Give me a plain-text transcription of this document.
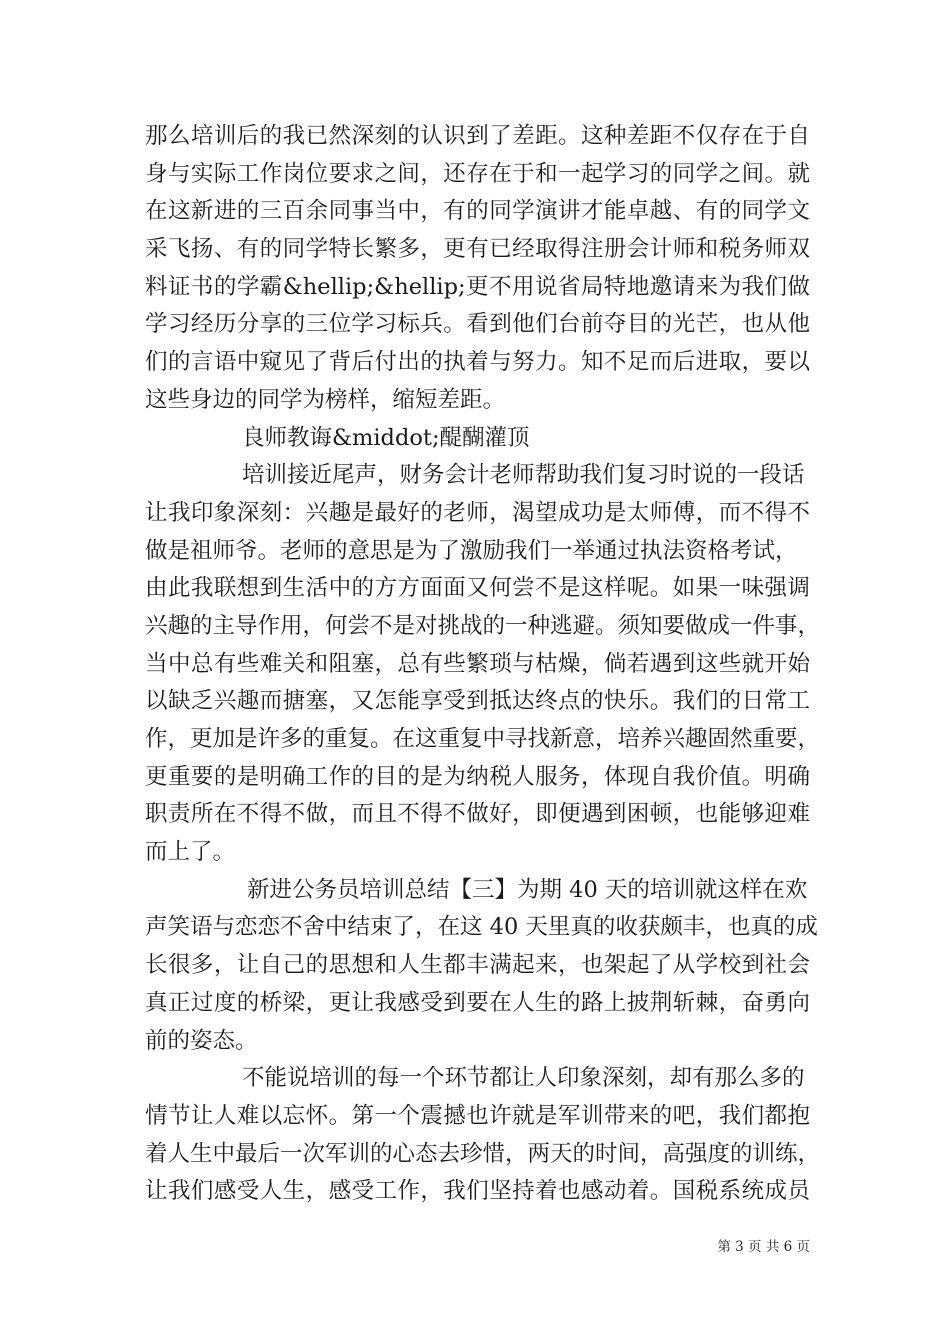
那么培训后的我已然深刻的认识到了差距。这种差距不仅存在于自
身与实际工作岗位要求之间，还存在于和一起学习的同学之间。就
在这新进的三百余同事当中，有的同学演讲才能卓越、有的同学文
采飞扬、有的同学特长繁多，更有已经取得注册会计师和税务师双
料证书的学霸&hellip;&hellip;更不用说省局特地邀请来为我们做
学习经历分享的三位学习标兵。看到他们台前夺目的光芒，也从他
们的言语中窥见了背后付出的执着与努力。知不足而后进取，要以
这些身边的同学为榜样，缩短差距。
良师教诲&middot;醍醐灌顶
培训接近尾声，财务会计老师帮助我们复习时说的一段话
让我印象深刻：兴趣是最好的老师，渴望成功是太师傅，而不得不
做是祖师爷。老师的意思是为了激励我们一举通过执法资格考试，
由此我联想到生活中的方方面面又何尝不是这样呢。如果一味强调
兴趣的主导作用，何尝不是对挑战的一种逃避。须知要做成一件事，
当中总有些难关和阻塞，总有些繁琐与枯燥，倘若遇到这些就开始
以缺乏兴趣而搪塞，又怎能享受到抵达终点的快乐。我们的日常工
作，更加是许多的重复。在这重复中寻找新意，培养兴趣固然重要，
更重要的是明确工作的目的是为纳税人服务，体现自我价值。明确
职责所在不得不做，而且不得不做好，即便遇到困顿，也能够迎难
而上了。
新进公务员培训总结【三】为期 40 天的培训就这样在欢
声笑语与恋恋不舍中结束了，在这 40 天里真的收获颇丰，也真的成
长很多，让自己的思想和人生都丰满起来，也架起了从学校到社会
真正过度的桥梁，更让我感受到要在人生的路上披荆斩棘，奋勇向
前的姿态。
不能说培训的每一个环节都让人印象深刻，却有那么多的
情节让人难以忘怀。第一个震撼也许就是军训带来的吧，我们都抱
着人生中最后一次军训的心态去珍惜，两天的时间，高强度的训练，
让我们感受人生，感受工作，我们坚持着也感动着。国税系统成员
第 3 页 共 6 页
